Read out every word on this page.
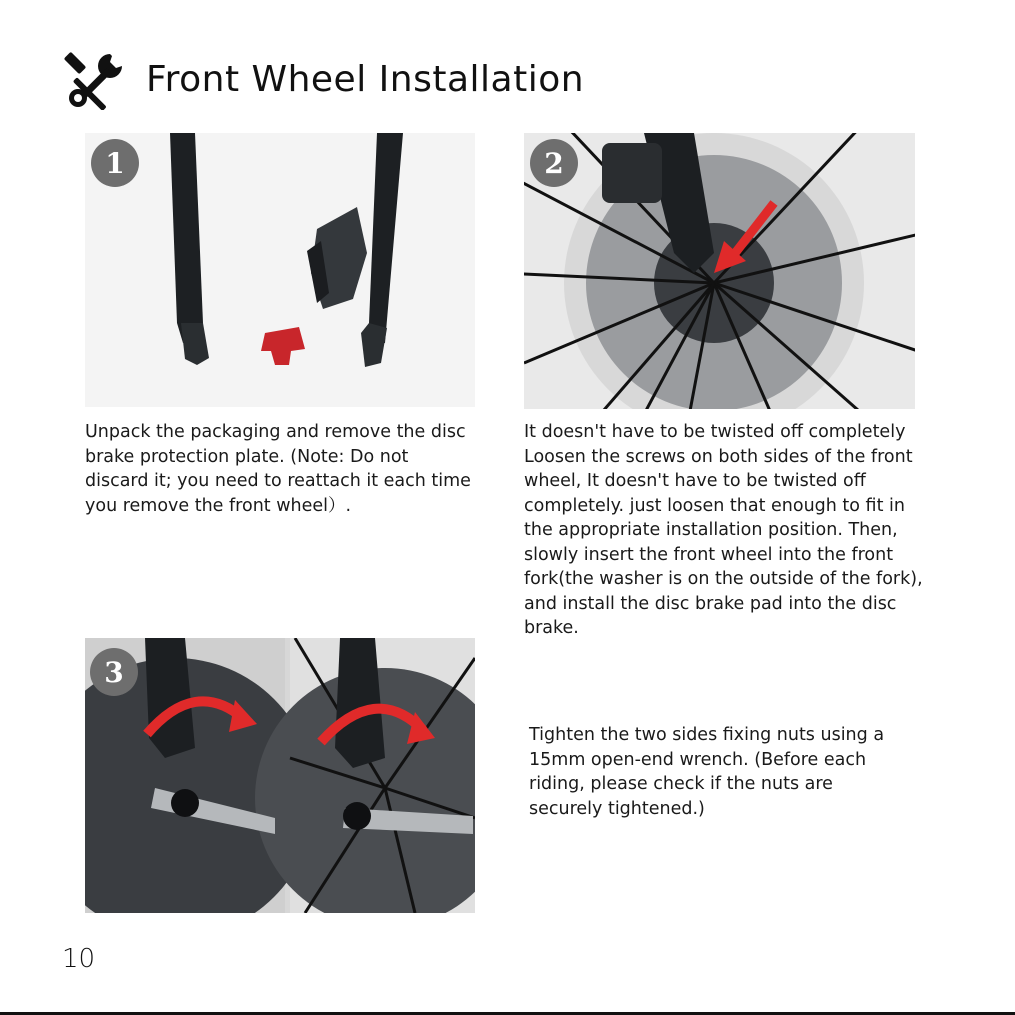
Front Wheel Installation
1	2
3
Unpack the packaging and remove the disc brake protection plate. (Note: Do not discard it; you need to reattach it each time you remove the front wheel）.
It doesn't have to be twisted off completely Loosen the screws on both sides of the front wheel, It doesn't have to be twisted off completely. just loosen that enough to fit in the appropriate installation position. Then, slowly insert the front wheel into the front fork(the washer is on the outside of the fork), and install the disc brake pad into the disc brake.
Tighten the two sides fixing nuts using a 15mm open-end wrench. (Before each riding, please check if the nuts are securely tightened.)
10
